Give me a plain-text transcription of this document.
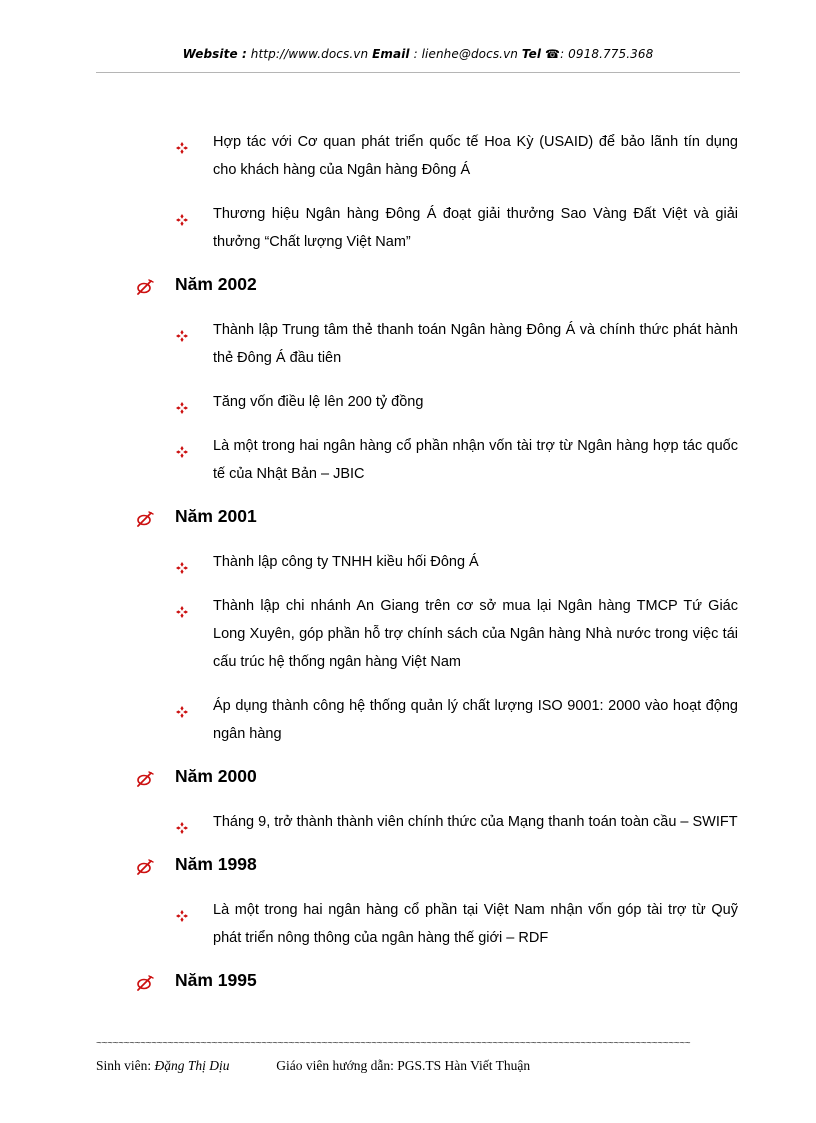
Website : http://www.docs.vn Email : lienhe@docs.vn Tel ☎: 0918.775.368
Hợp tác với Cơ quan phát triển quốc tế Hoa Kỳ (USAID) để bảo lãnh tín dụng cho khách hàng của Ngân hàng Đông Á
Thương hiệu Ngân hàng Đông Á đoạt giải thưởng Sao Vàng Đất Việt và giải thưởng “Chất lượng Việt Nam”
Năm 2002
Thành lập Trung tâm thẻ thanh toán Ngân hàng Đông Á và chính thức phát hành thẻ Đông Á đầu tiên
Tăng vốn điều lệ lên 200 tỷ đồng
Là một trong hai ngân hàng cổ phần nhận vốn tài trợ từ Ngân hàng hợp tác quốc tế của Nhật Bản – JBIC
Năm 2001
Thành lập công ty TNHH kiều hối Đông Á
Thành lập chi nhánh An Giang trên cơ sở mua lại Ngân hàng TMCP Tứ Giác Long Xuyên, góp phần hỗ trợ chính sách của Ngân hàng Nhà nước trong việc tái cấu trúc hệ thống ngân hàng Việt Nam
Áp dụng thành công hệ thống quản lý chất lượng ISO 9001: 2000 vào hoạt động ngân hàng
Năm 2000
Tháng 9, trở thành thành viên chính thức của Mạng thanh toán toàn cầu – SWIFT
Năm 1998
Là một trong hai ngân hàng cổ phần tại Việt Nam nhận vốn góp tài trợ từ Quỹ phát triển nông thông của ngân hàng thế giới – RDF
Năm 1995
~~~~~~~~~~~~~~~~~~~~~~~~~~~~~~~~~~~~~~~~~~~~~~~~~~~~~~~~~~~~~~~~~~~~~~~~~~~~~~~~~~~~~~~~~~~~~~~~~~~~~~~~~~~~
Sinh viên: Đặng Thị Dịu	Giáo viên hướng dẫn: PGS.TS Hàn Viết Thuận
